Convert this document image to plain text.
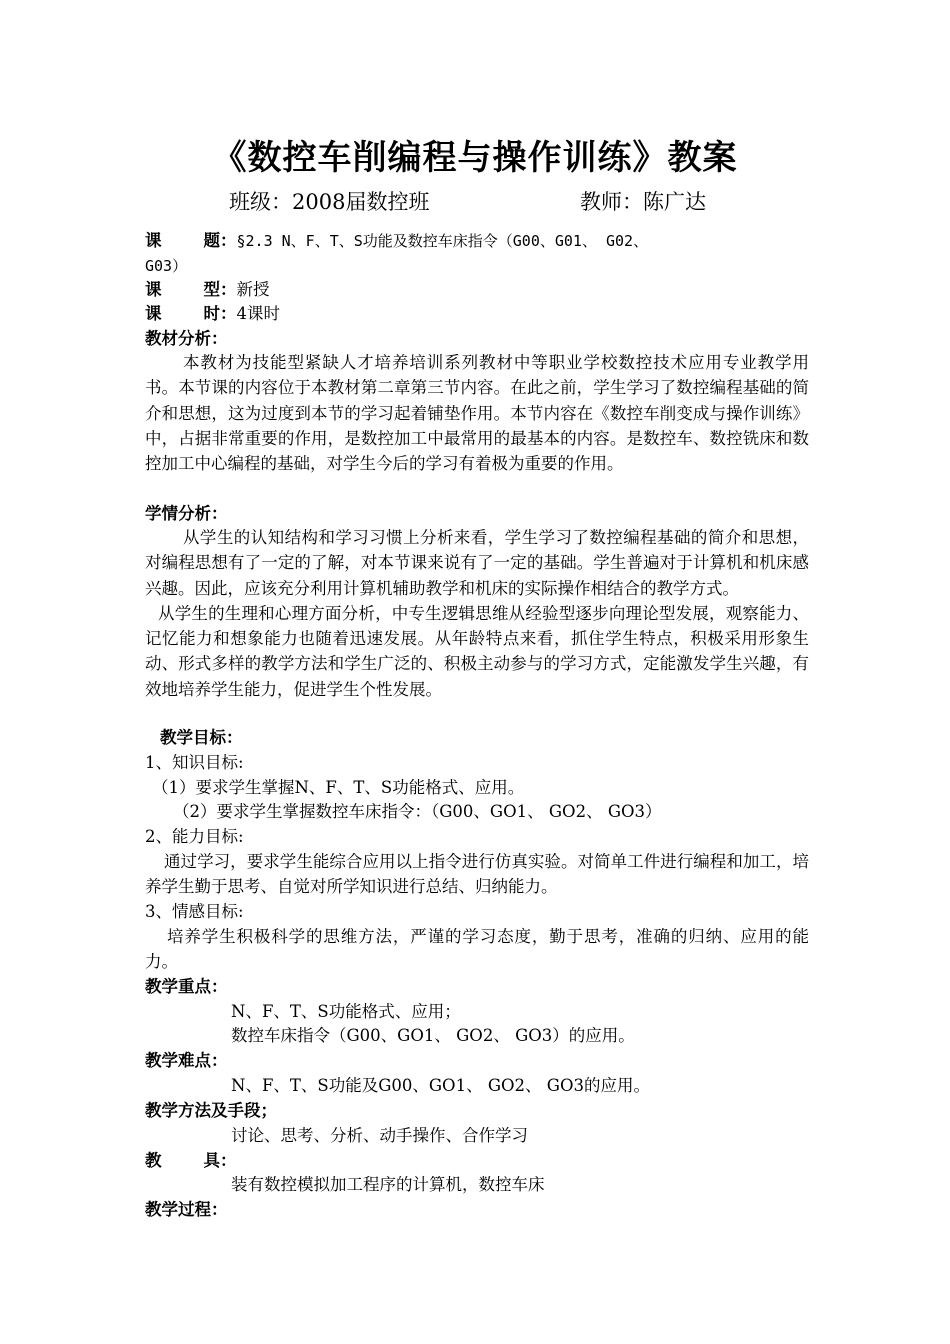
《数控车削编程与操作训练》教案
班级：2008届数控班	教师：陈广达
课	题：§2.3 N、F、T、S功能及数控车床指令（G00、G01、 G02、
G03）
课	型：新授
课	时：4课时
教材分析：

本教材为技能型紧缺人才培养培训系列教材中等职业学校数控技术应用专业教学用书。本节课的内容位于本教材第二章第三节内容。在此之前，学生学习了数控编程基础的简介和思想，这为过度到本节的学习起着铺垫作用。本节内容在《数控车削变成与操作训练》中，占据非常重要的作用，是数控加工中最常用的最基本的内容。是数控车、数控铣床和数控加工中心编程的基础，对学生今后的学习有着极为重要的作用。

学情分析：

从学生的认知结构和学习习惯上分析来看，学生学习了数控编程基础的简介和思想，对编程思想有了一定的了解，对本节课来说有了一定的基础。学生普遍对于计算机和机床感兴趣。因此，应该充分利用计算机辅助教学和机床的实际操作相结合的教学方式。

从学生的生理和心理方面分析，中专生逻辑思维从经验型逐步向理论型发展，观察能力、记忆能力和想象能力也随着迅速发展。从年龄特点来看，抓住学生特点，积极采用形象生动、形式多样的教学方法和学生广泛的、积极主动参与的学习方式，定能激发学生兴趣，有效地培养学生能力，促进学生个性发展。

教学目标：
1、知识目标:
（1）要求学生掌握N、F、T、S功能格式、应用。
（2）要求学生掌握数控车床指令：（G00、GO1、 GO2、 GO3）
2、能力目标:

通过学习，要求学生能综合应用以上指令进行仿真实验。对简单工件进行编程和加工，培养学生勤于思考、自觉对所学知识进行总结、归纳能力。

3、情感目标:

培养学生积极科学的思维方法，严谨的学习态度，勤于思考，准确的归纳、应用的能力。

教学重点：
N、F、T、S功能格式、应用；
数控车床指令（G00、GO1、 GO2、 GO3）的应用。
教学难点：
N、F、T、S功能及G00、GO1、 GO2、 GO3的应用。
教学方法及手段；
讨论、思考、分析、动手操作、合作学习
教	具：
装有数控模拟加工程序的计算机，数控车床
教学过程：
